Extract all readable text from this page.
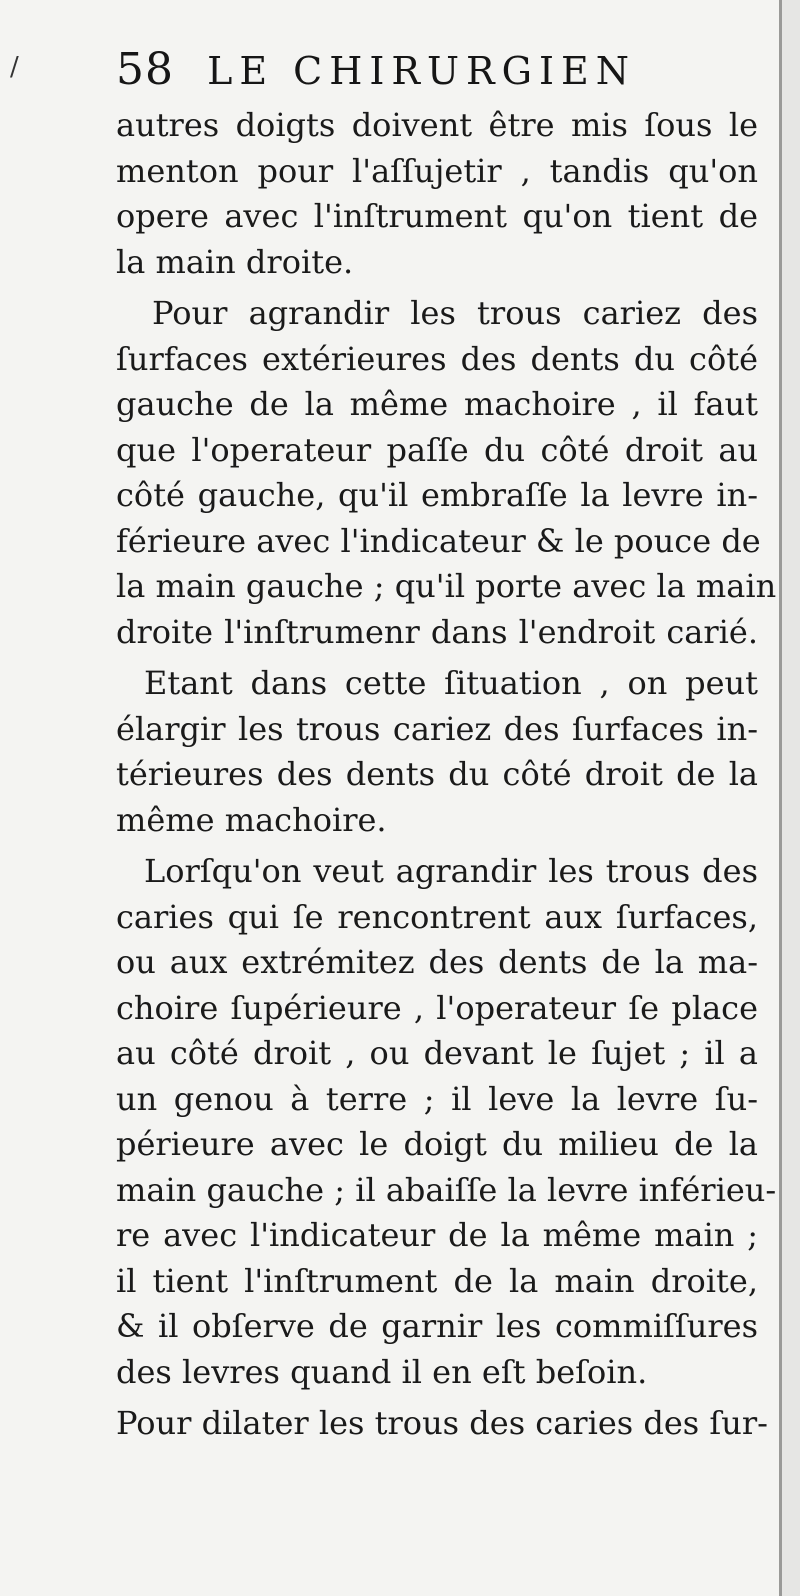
/ 58 LE CHIRURGIEN
autres doigts doivent être mis ſous le
menton pour l'aſſujetir , tandis qu'on
opere avec l'inſtrument qu'on tient de
la main droite.
Pour agrandir les trous cariez des
ſurfaces extérieures des dents du côté
gauche de la même machoire , il faut
que l'operateur paſſe du côté droit au
côté gauche, qu'il embraſſe la levre in-
férieure avec l'indicateur & le pouce de
la main gauche ; qu'il porte avec la main
droite l'inſtrumenr dans l'endroit carié.
Etant dans cette ſituation , on peut
élargir les trous cariez des ſurfaces in-
térieures des dents du côté droit de la
même machoire.
Lorſqu'on veut agrandir les trous des
caries qui ſe rencontrent aux ſurfaces,
ou aux extrémitez des dents de la ma-
choire ſupérieure , l'operateur ſe place
au côté droit , ou devant le ſujet ; il a
un genou à terre ; il leve la levre ſu-
périeure avec le doigt du milieu de la
main gauche ; il abaiſſe la levre inférieu-
re avec l'indicateur de la même main ;
il tient l'inſtrument de la main droite,
& il obſerve de garnir les commiſſures
des levres quand il en eſt beſoin.
Pour dilater les trous des caries des ſur-
